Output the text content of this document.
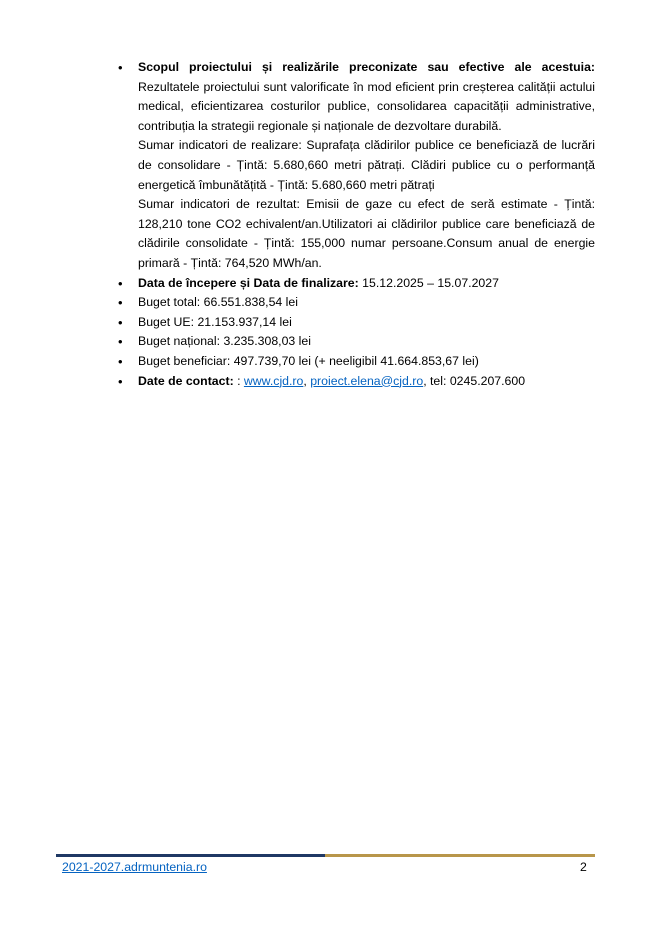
•	Scopul proiectului și realizările preconizate sau efective ale acestuia: Rezultatele proiectului sunt valorificate în mod eficient prin creșterea calității actului medical, eficientizarea costurilor publice, consolidarea capacității administrative, contribuția la strategii regionale și naționale de dezvoltare durabilă.
Sumar indicatori de realizare: Suprafața clădirilor publice ce beneficiază de lucrări de consolidare - Țintă: 5.680,660 metri pătrați. Clădiri publice cu o performanță energetică îmbunătățită - Țintă: 5.680,660 metri pătrați
Sumar indicatori de rezultat: Emisii de gaze cu efect de seră estimate - Țintă: 128,210 tone CO2 echivalent/an.Utilizatori ai clădirilor publice care beneficiază de clădirile consolidate - Țintă: 155,000 numar persoane.Consum anual de energie primară - Țintă: 764,520 MWh/an.
•	Data de începere și Data de finalizare: 15.12.2025 – 15.07.2027
•	Buget total: 66.551.838,54 lei
•	Buget UE: 21.153.937,14 lei
•	Buget național: 3.235.308,03 lei
•	Buget beneficiar: 497.739,70 lei (+ neeligibil 41.664.853,67 lei)
•	Date de contact: : www.cjd.ro, proiect.elena@cjd.ro, tel: 0245.207.600
2021-2027.adrmuntenia.ro	2
